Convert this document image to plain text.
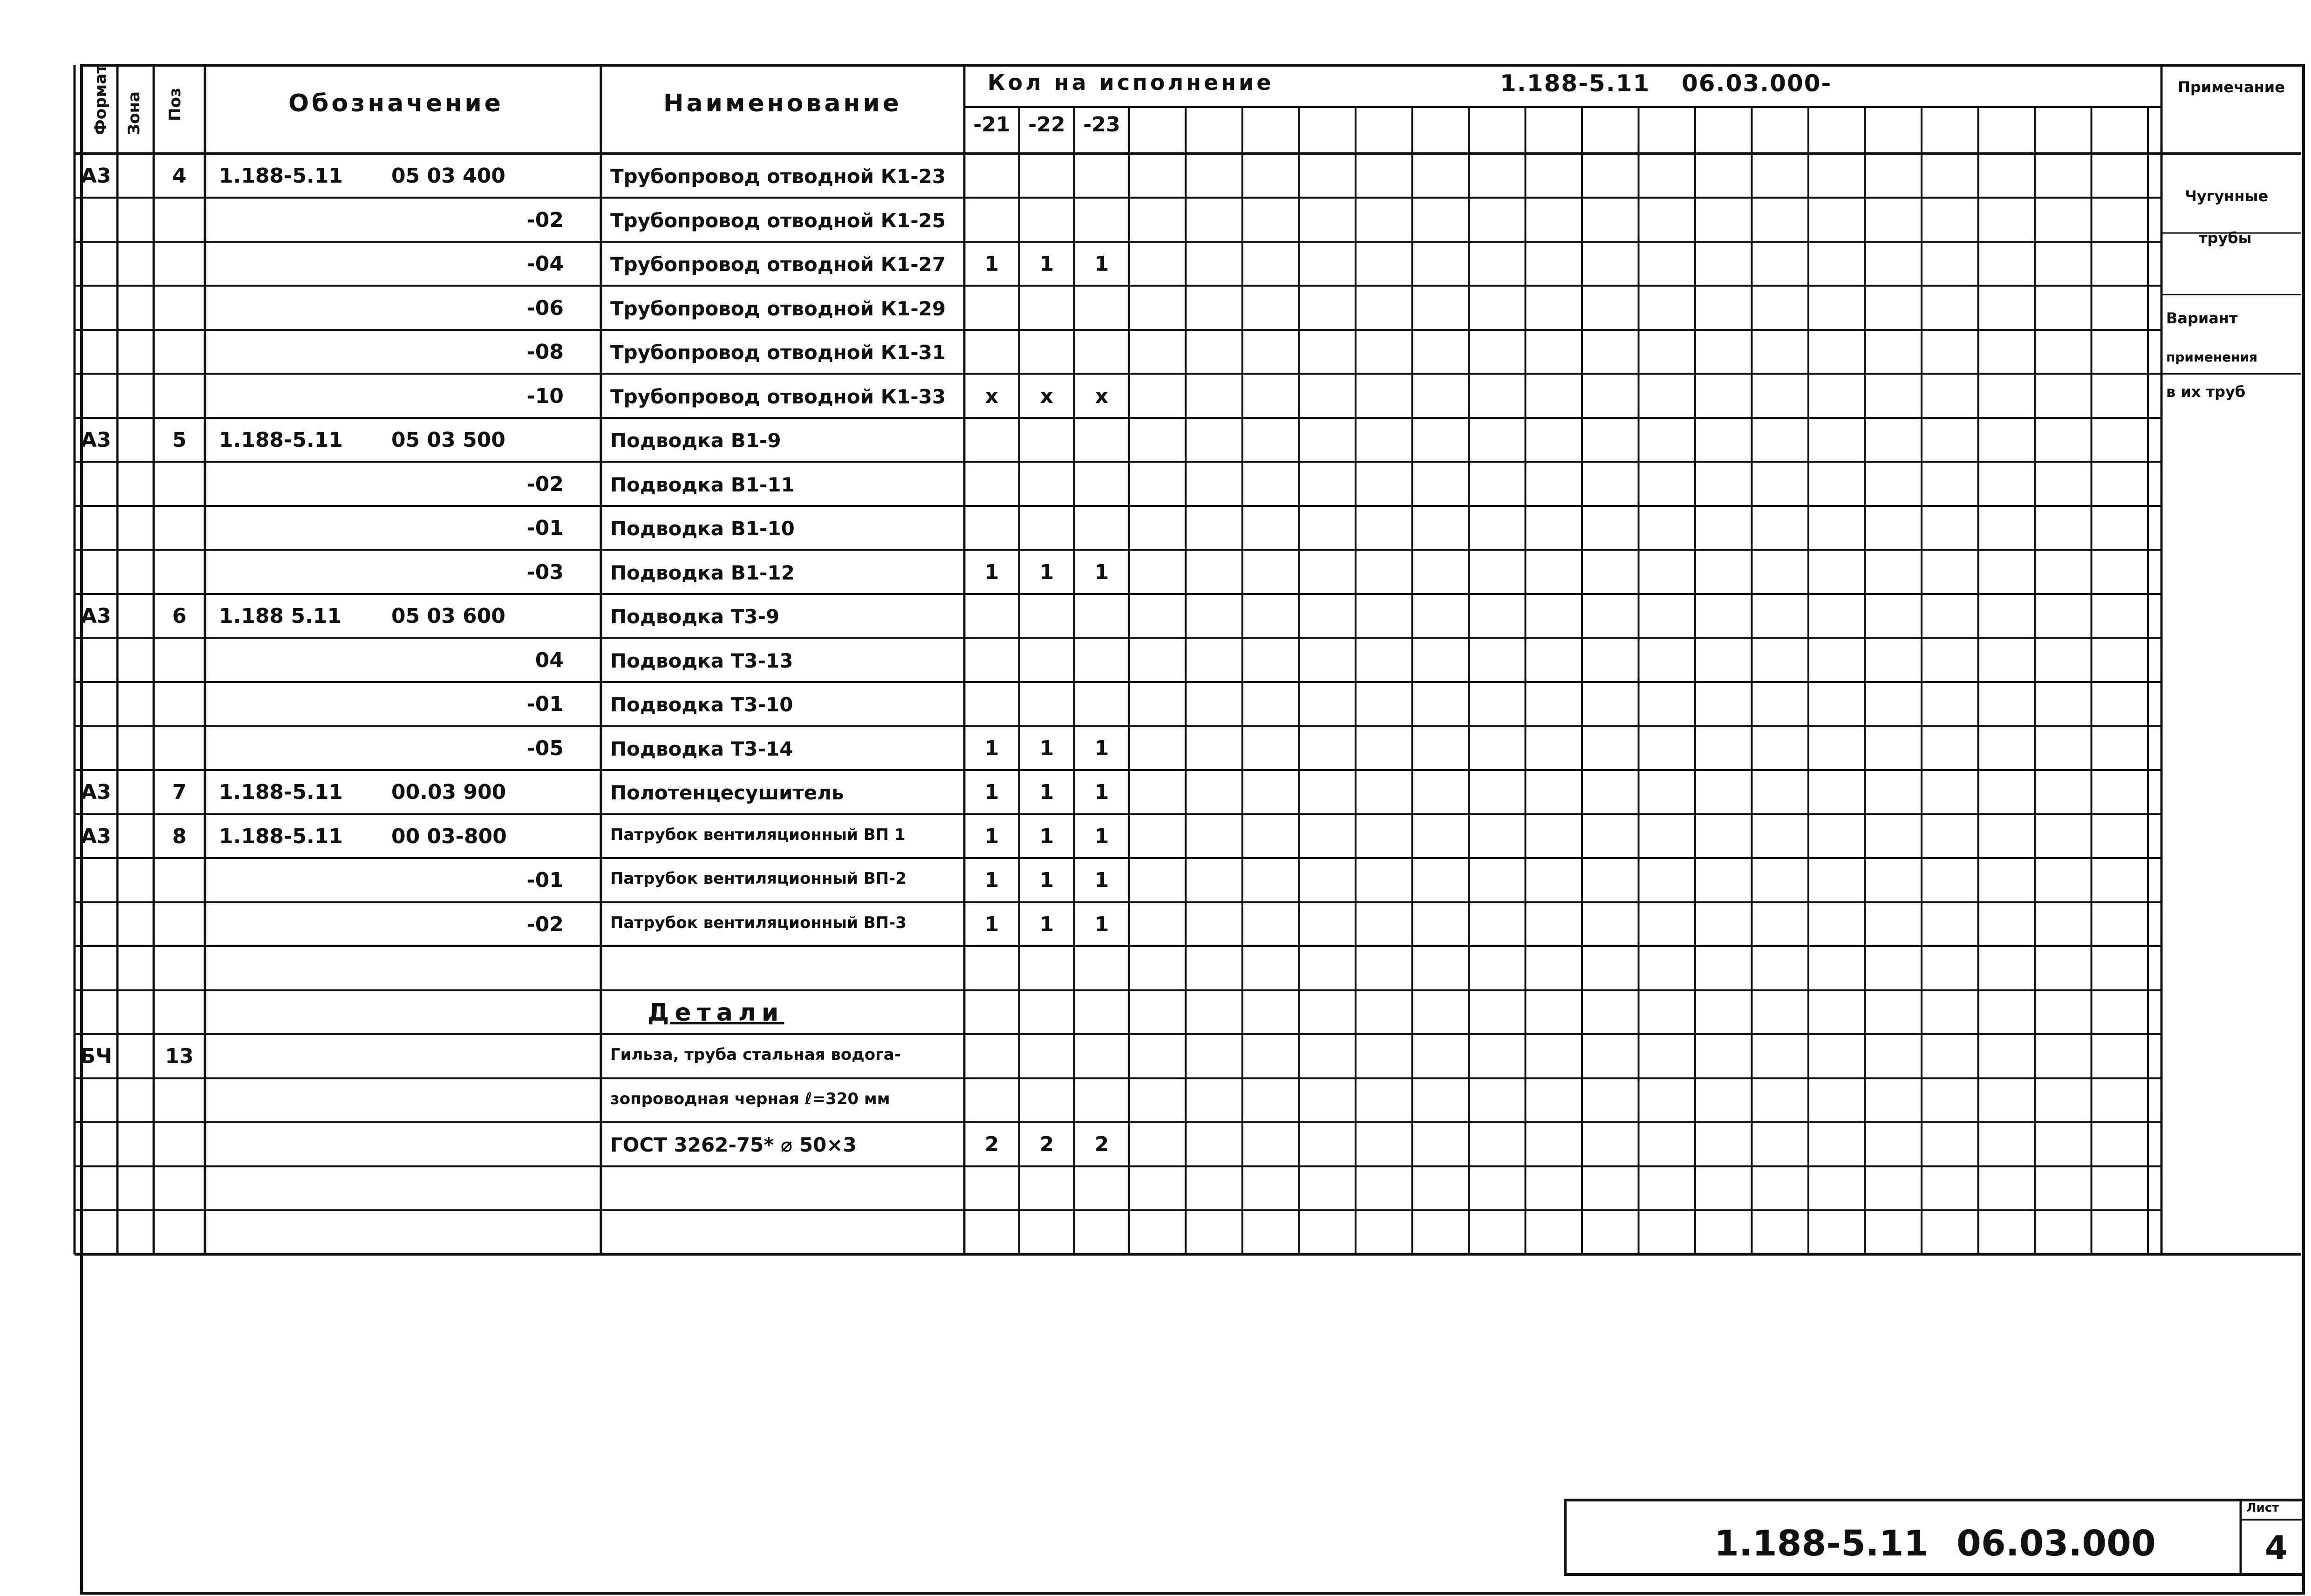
Формат Зона Поз	Обозначение	Наименование
Кол на исполнение	1.188-5.11 06.03.000-
-21 -22 -23
Примечание
Чугунные
трубы
Вариант
применения
в их труб
А3	4	1.188-5.11 05 03 400	Трубопровод отводной К1-23
-02 Трубопровод отводной К1-25
-04 Трубопровод отводной К1-27	1	1	1
-06 Трубопровод отводной К1-29
-08 Трубопровод отводной К1-31
-10 Трубопровод отводной К1-33	х	х	х
А3	5	1.188-5.11 05 03 500	Подводка В1-9
-02 Подводка В1-11
-01 Подводка В1-10
-03 Подводка В1-12	1	1	1
А3	6	1.188 5.11 05 03 600	Подводка Т3-9
04 Подводка Т3-13
-01 Подводка Т3-10
-05 Подводка Т3-14	1	1	1
А3	7	1.188-5.11 00.03 900	Полотенцесушитель	1	1	1
А3	8	1.188-5.11 00 03-800	Патрубок вентиляционный ВП 1	1	1	1
-01	Патрубок вентиляционный ВП-2	1	1	1
-02	Патрубок вентиляционный ВП-3	1	1	1
Детали
БЧ	13	Гильза, труба стальная водога-
зопроводная черная ℓ=320 мм
ГОСТ 3262-75* ⌀ 50×3	2	2	2
1.188-5.11 06.03.000
Лист
4
